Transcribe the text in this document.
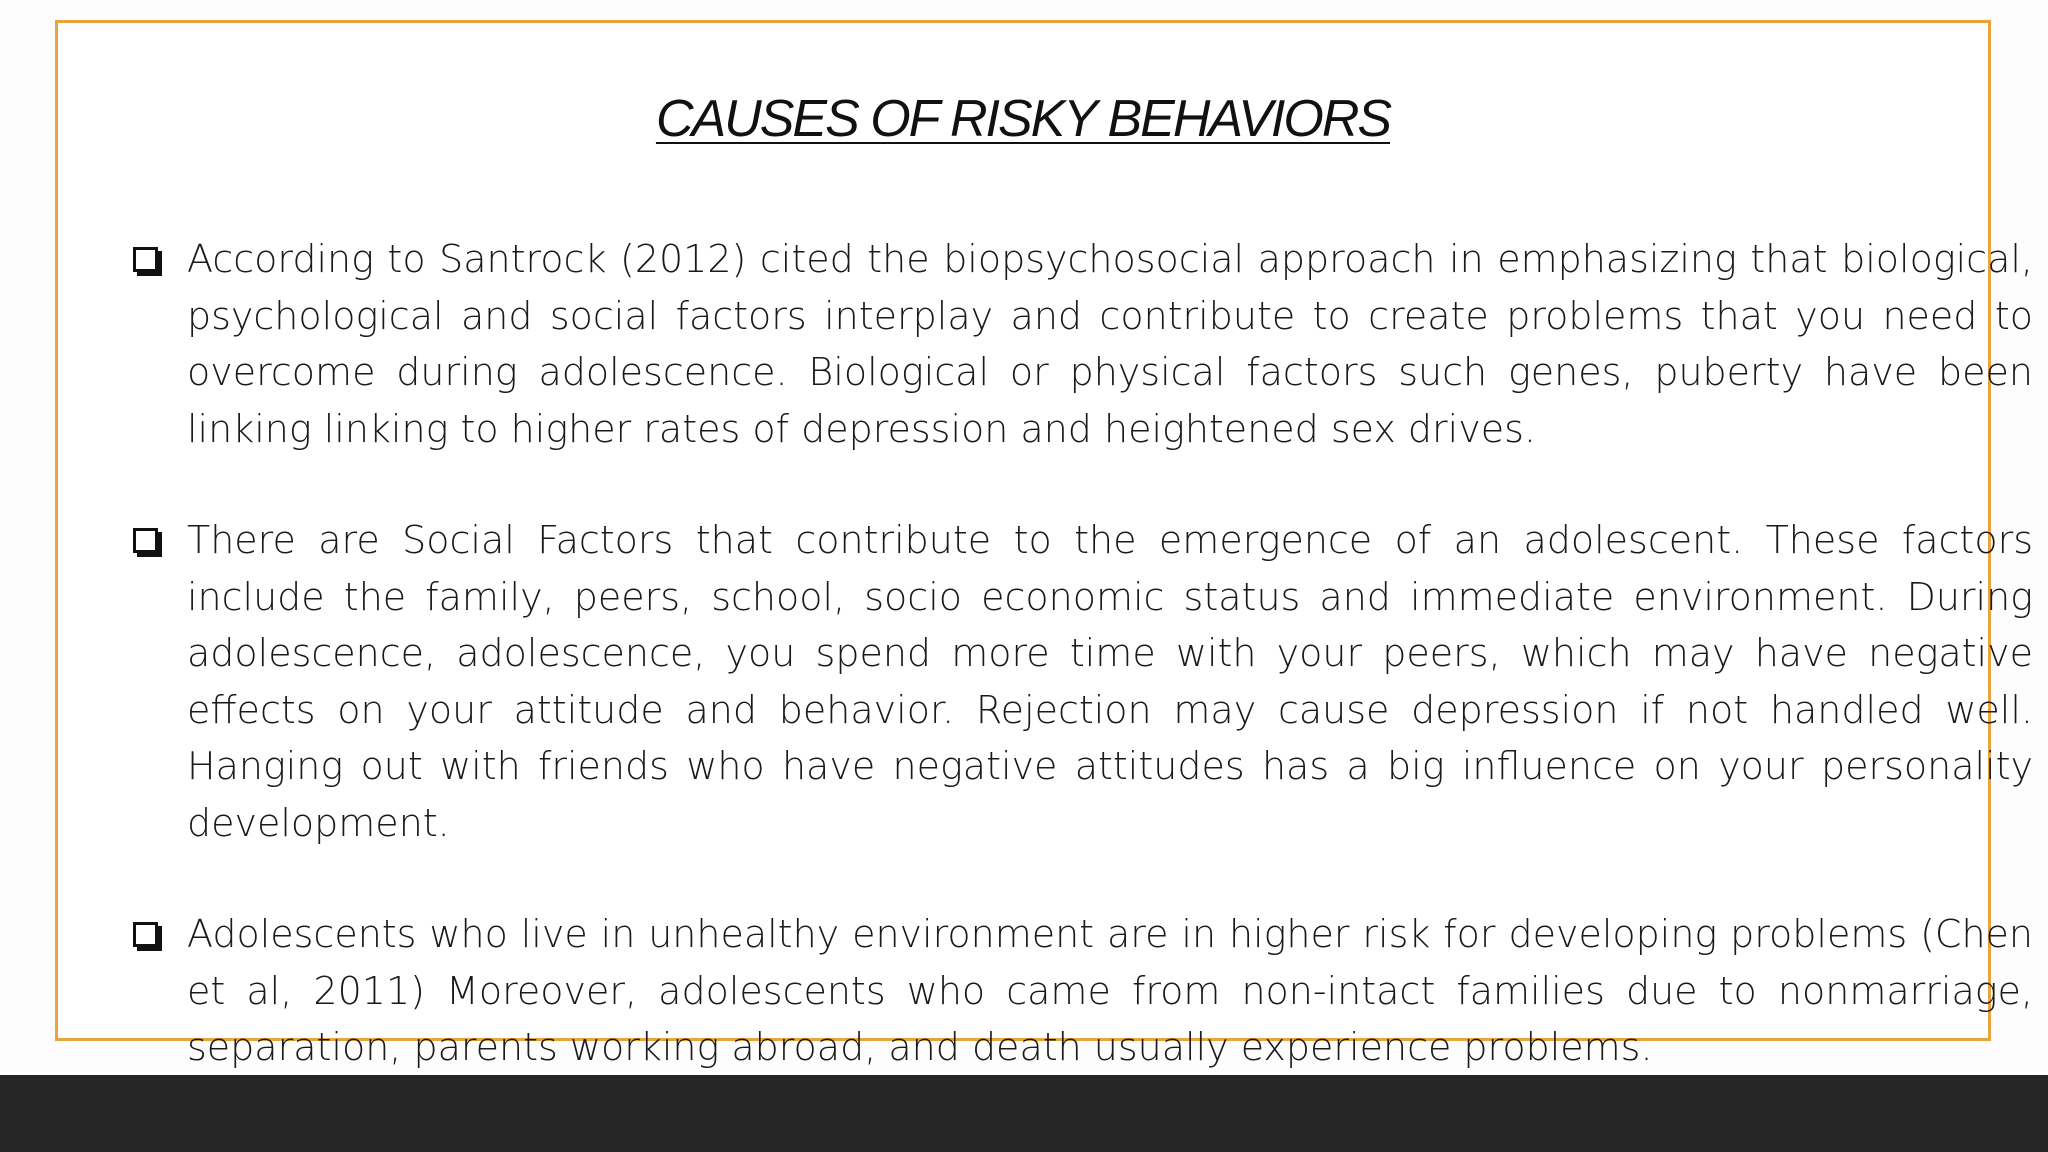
CAUSES OF RISKY BEHAVIORS
According to Santrock (2012) cited the biopsychosocial approach in emphasizing that biological, psychological and social factors interplay and contribute to create problems that you need to overcome during adolescence. Biological or physical factors such genes, puberty have been linking linking to higher rates of depression and heightened sex drives.
There are Social Factors that contribute to the emergence of an adolescent. These factors include the family, peers, school, socio economic status and immediate environment. During adolescence, adolescence, you spend more time with your peers, which may have negative effects on your attitude and behavior. Rejection may cause depression if not handled well. Hanging out with friends who have negative attitudes has a big influence on your personality development.
Adolescents who live in unhealthy environment are in higher risk for developing problems (Chen et al, 2011) Moreover, adolescents who came from non-intact families due to nonmarriage, separation, parents working abroad, and death usually experience problems.
